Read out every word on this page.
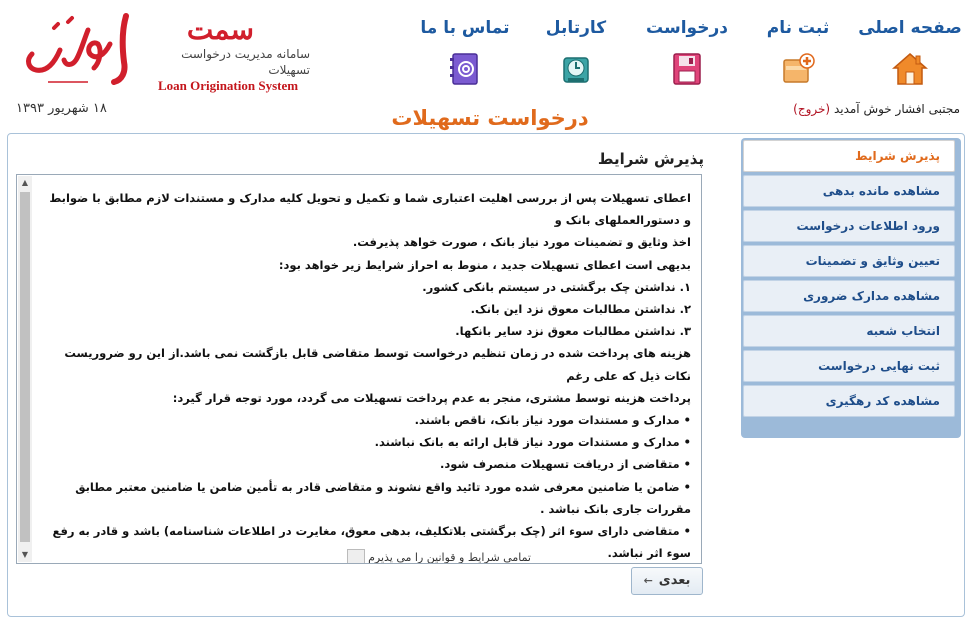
سمت
سامانه مدیریت درخواست تسهیلات
Loan Origination System
صفحه اصلی
ثبت نام
درخواست
کارتابل
تماس با ما
مجتبی افشار خوش آمدید (خروج)
۱۸ شهریور ۱۳۹۳	درخواست تسهیلات
پذیرش شرایط
مشاهده مانده بدهی
ورود اطلاعات درخواست
تعیین وثایق و تضمینات
مشاهده مدارک ضروری
انتخاب شعبه
ثبت نهایی درخواست
مشاهده کد رهگیری
پذیرش شرایط
▲
▼

اعطای تسهیلات پس از بررسی اهلیت اعتباری شما و تکمیل و تحویل کلیه مدارک و مستندات لازم مطابق با ضوابط و دستورالعملهای بانک و

اخذ وثایق و تضمینات مورد نیاز بانک ، صورت خواهد پذیرفت.

بدیهی است اعطای تسهیلات جدید ، منوط به احراز شرایط زیر خواهد بود:

۱. نداشتن چک برگشتی در سیستم بانکی کشور.

۲. نداشتن مطالبات معوق نزد این بانک.

۳. نداشتن مطالبات معوق نزد سایر بانکها.

هزینه های پرداخت شده در زمان تنظیم درخواست توسط متقاضی قابل بازگشت نمی باشد.از این رو ضروریست نکات ذیل که علی رغم

پرداخت هزینه توسط مشتری، منجر به عدم پرداخت تسهیلات می گردد، مورد توجه قرار گیرد:

• مدارک و مستندات مورد نیاز بانک، ناقص باشند.

• مدارک و مستندات مورد نیاز قابل ارائه به بانک نباشند.

• متقاضی از دریافت تسهیلات منصرف شود.

• ضامن یا ضامنین معرفی شده مورد تائید واقع نشوند و متقاضی قادر به تأمین ضامن یا ضامنین معتبر مطابق مقررات جاری بانک نباشد .

• متقاضی دارای سوء اثر (چک برگشتی بلاتکلیف، بدهی معوق، مغایرت در اطلاعات شناسنامه) باشد و قادر به رفع سوء اثر نباشد.

تمامی شرایط و قوانین را می پذیرم
بعدی←
